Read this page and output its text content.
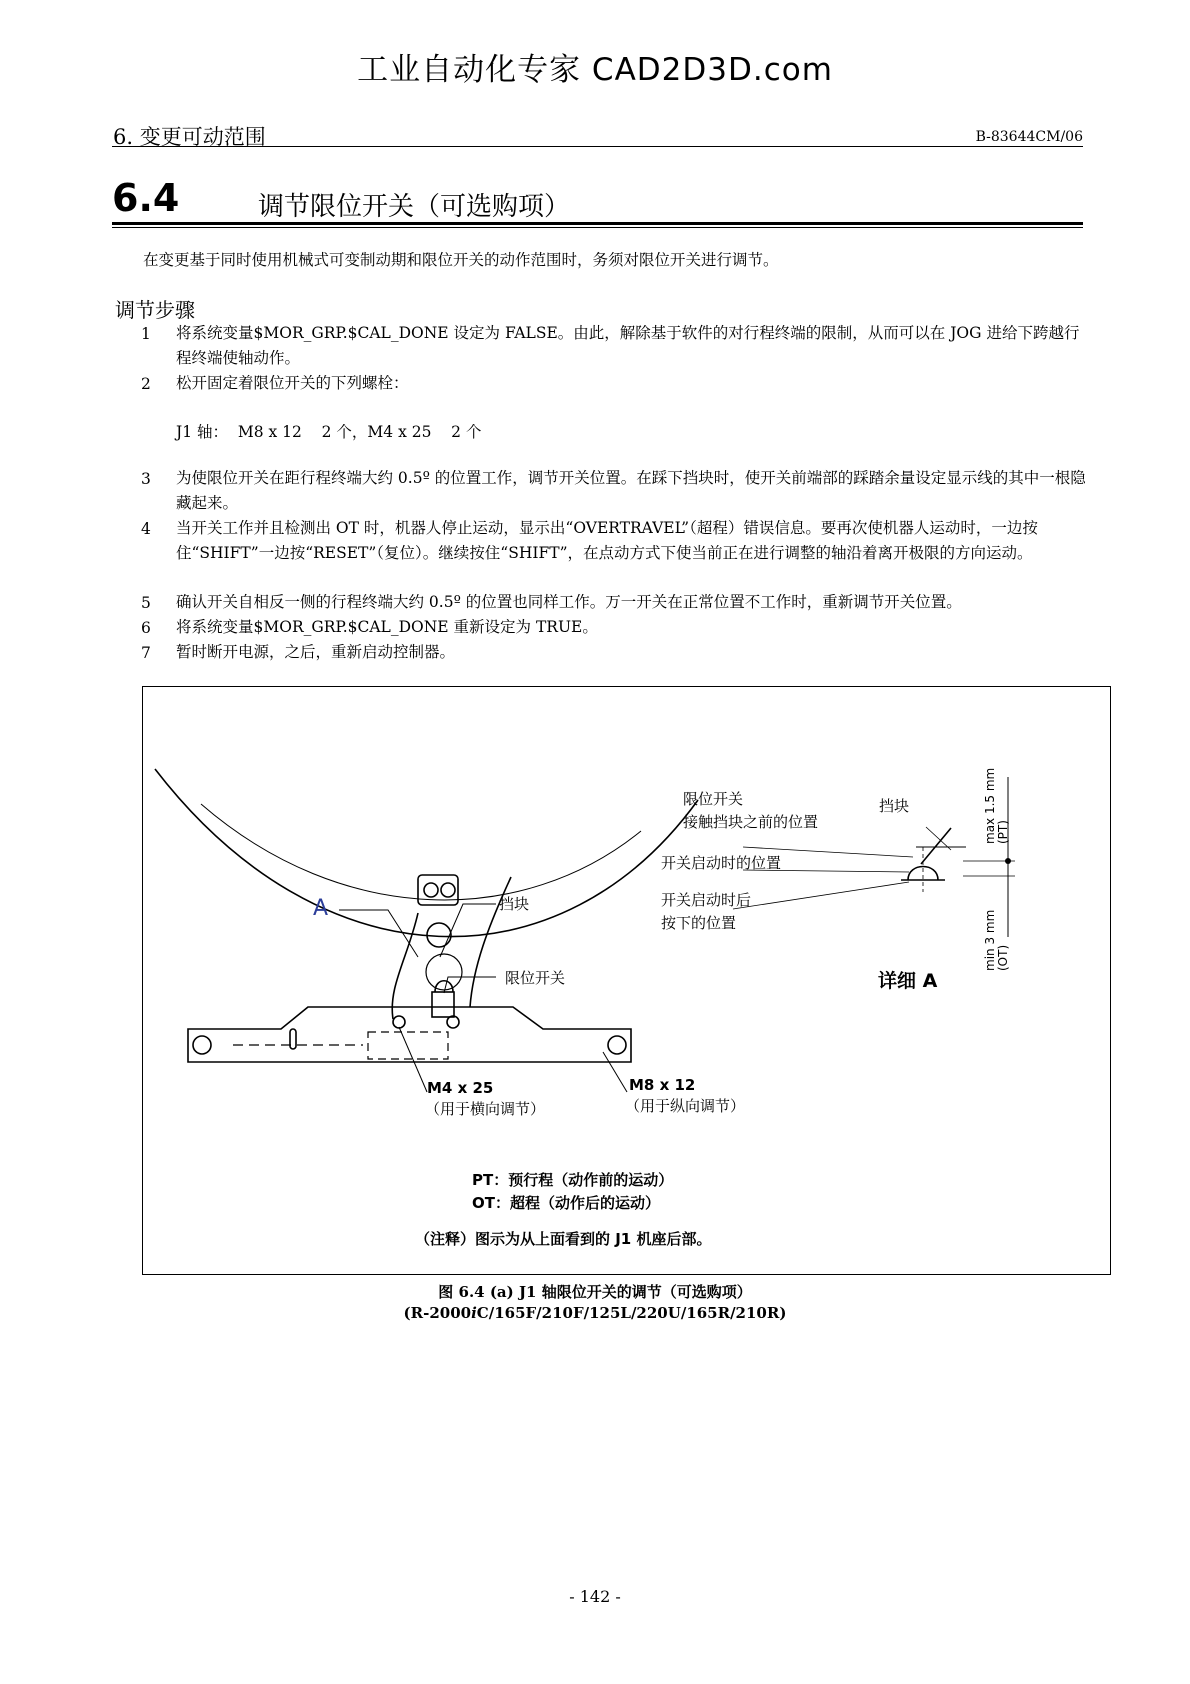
工业自动化专家 CAD2D3D.com
6. 变更可动范围	B-83644CM/06
6.4	调节限位开关（可选购项）
在变更基于同时使用机械式可变制动期和限位开关的动作范围时，务须对限位开关进行调节。
调节步骤
1 将系统变量$MOR_GRP.$CAL_DONE 设定为 FALSE。由此，解除基于软件的对行程终端的限制，从而可以在 JOG 进给下跨越行程终端使轴动作。
2 松开固定着限位开关的下列螺栓：
J1 轴：  M8 x 12    2 个，M4 x 25    2 个
3 为使限位开关在距行程终端大约 0.5º 的位置工作，调节开关位置。在踩下挡块时，使开关前端部的踩踏余量设定显示线的其中一根隐藏起来。
4 当开关工作并且检测出 OT 时，机器人停止运动，显示出“OVERTRAVEL”（超程）错误信息。要再次使机器人运动时，一边按住“SHIFT”一边按“RESET”（复位）。继续按住“SHIFT”，在点动方式下使当前正在进行调整的轴沿着离开极限的方向运动。
5 确认开关自相反一侧的行程终端大约 0.5º 的位置也同样工作。万一开关在正常位置不工作时，重新调节开关位置。
6 将系统变量$MOR_GRP.$CAL_DONE 重新设定为 TRUE。
7 暂时断开电源，之后，重新启动控制器。
A	挡块
限位开关
M4 x 25
（用于横向调节）
M8 x 12
（用于纵向调节）
限位开关
接触挡块之前的位置
挡块
开关启动时的位置
开关启动时后
按下的位置
详细 A
max 1.5 mm (PT)
min 3 mm (OT)
PT：预行程（动作前的运动）
OT：超程（动作后的运动）
（注释）图示为从上面看到的 J1 机座后部。
图 6.4 (a) J1 轴限位开关的调节（可选购项）
(R-2000iC/165F/210F/125L/220U/165R/210R)
- 142 -
